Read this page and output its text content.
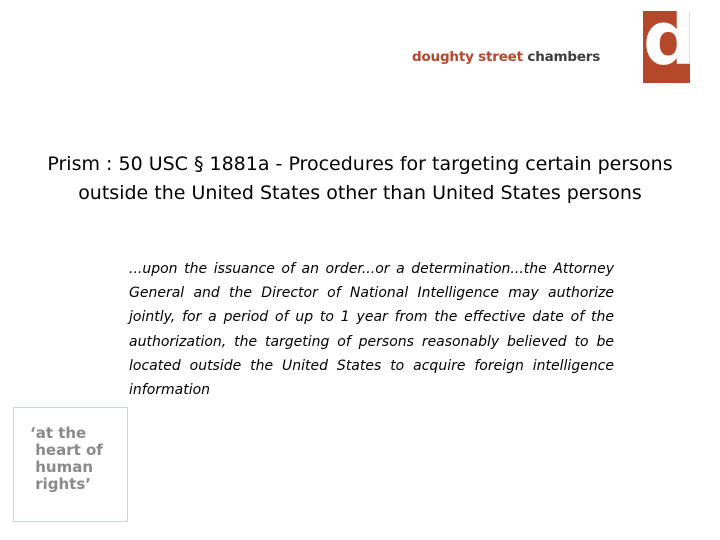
doughty street chambers d
Prism : 50 USC § 1881a - Procedures for targeting certain persons outside the United States other than United States persons

...upon the issuance of an order...or a determination...the Attorney General and the Director of National Intelligence may authorize jointly, for a period of up to 1 year from the effective date of the authorization, the targeting of persons reasonably believed to be located outside the United States to acquire foreign intelligence information

‘at the
heart of
human
rights’
